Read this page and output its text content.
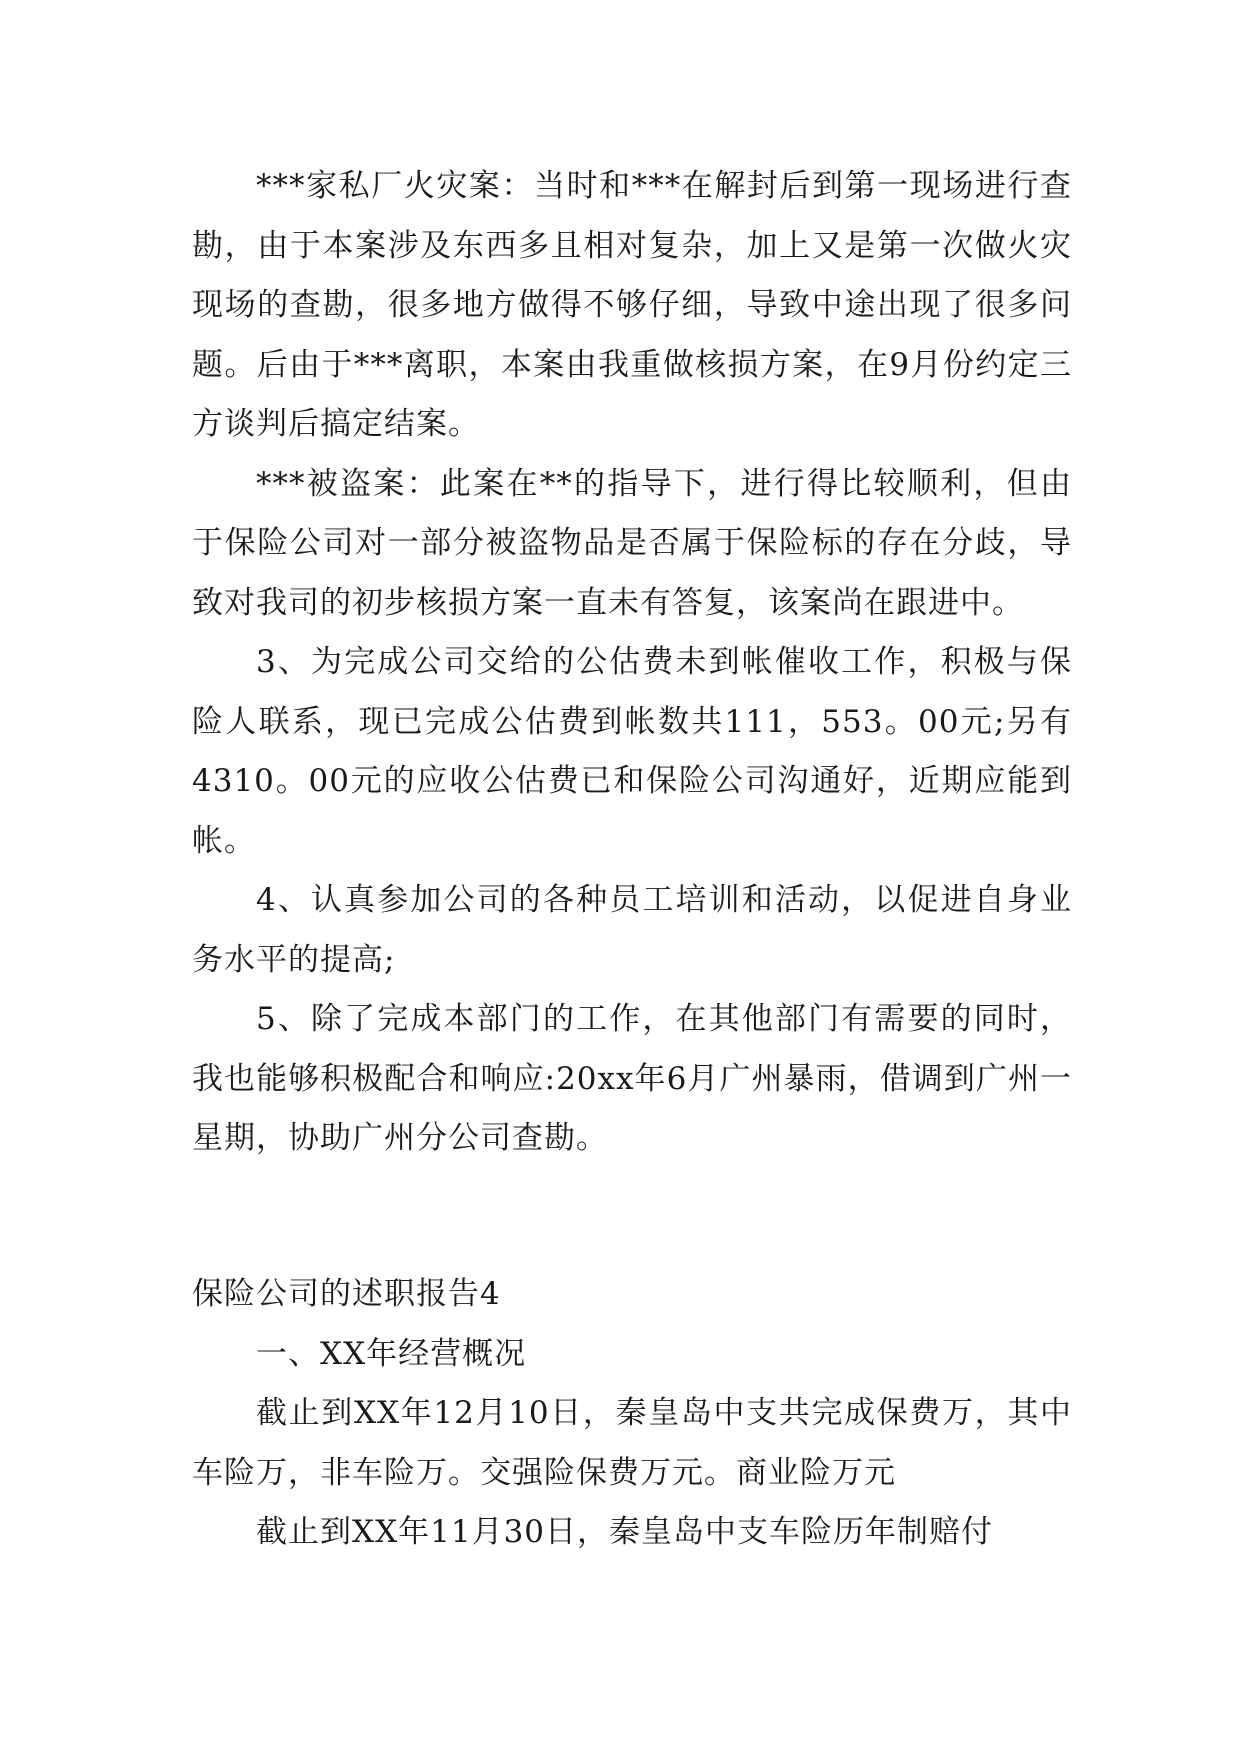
***家私厂火灾案：当时和***在解封后到第一现场进行查勘，由于本案涉及东西多且相对复杂，加上又是第一次做火灾现场的查勘，很多地方做得不够仔细，导致中途出现了很多问题。后由于***离职，本案由我重做核损方案，在9月份约定三方谈判后搞定结案。

***被盗案：此案在**的指导下，进行得比较顺利，但由于保险公司对一部分被盗物品是否属于保险标的存在分歧，导致对我司的初步核损方案一直未有答复，该案尚在跟进中。

3、为完成公司交给的公估费未到帐催收工作，积极与保险人联系，现已完成公估费到帐数共111，553。00元;另有4310。00元的应收公估费已和保险公司沟通好，近期应能到帐。

4、认真参加公司的各种员工培训和活动，以促进自身业务水平的提高;

5、除了完成本部门的工作，在其他部门有需要的同时，我也能够积极配合和响应:20xx年6月广州暴雨，借调到广州一星期，协助广州分公司查勘。

保险公司的述职报告4

一、XX年经营概况

截止到XX年12月10日，秦皇岛中支共完成保费万，其中车险万，非车险万。交强险保费万元。商业险万元

截止到XX年11月30日，秦皇岛中支车险历年制赔付
